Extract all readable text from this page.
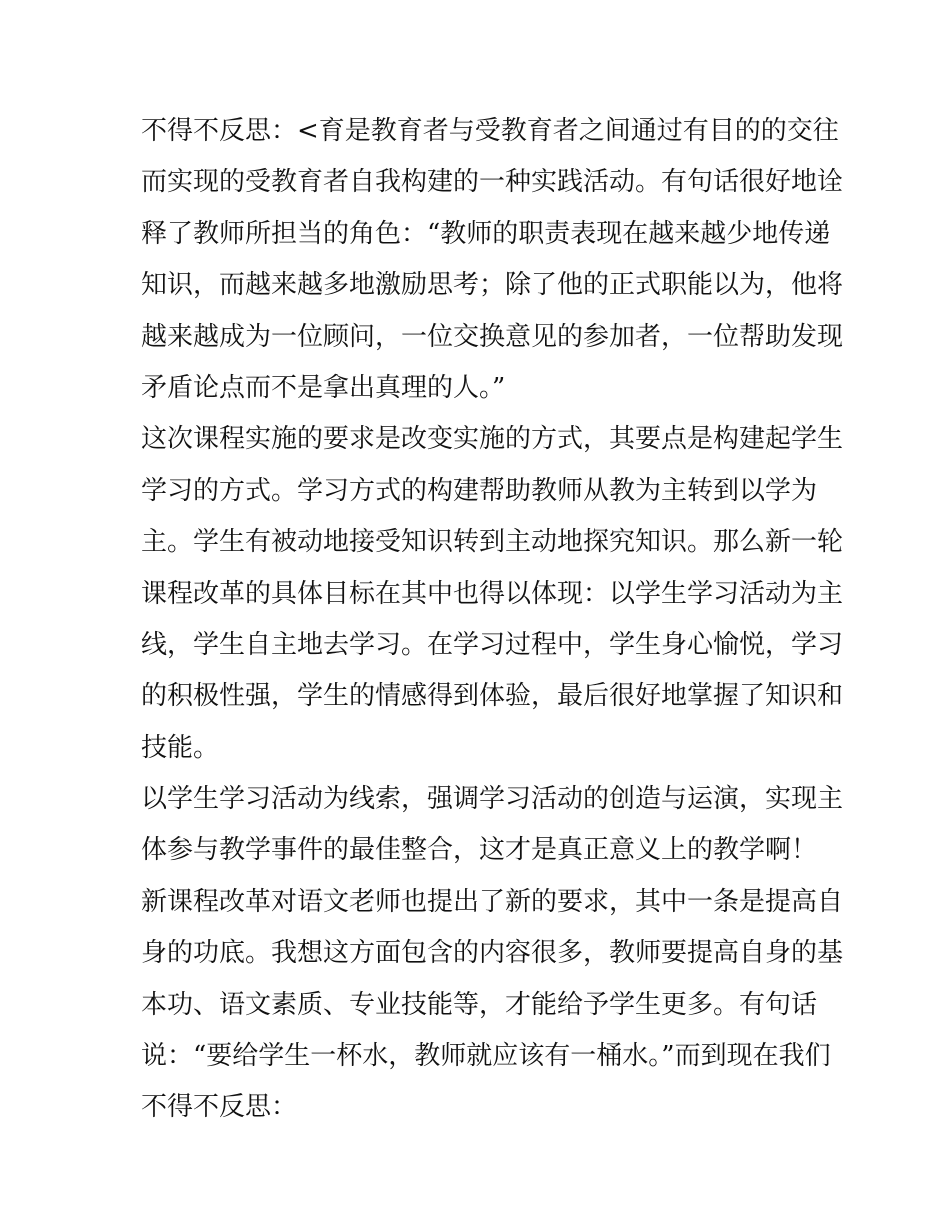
不得不反思：<育是教育者与受教育者之间通过有目的的交往
而实现的受教育者自我构建的一种实践活动。有句话很好地诠
释了教师所担当的角色：“教师的职责表现在越来越少地传递
知识，而越来越多地激励思考；除了他的正式职能以为，他将
越来越成为一位顾问，一位交换意见的参加者，一位帮助发现
矛盾论点而不是拿出真理的人。”
这次课程实施的要求是改变实施的方式，其要点是构建起学生
学习的方式。学习方式的构建帮助教师从教为主转到以学为
主。学生有被动地接受知识转到主动地探究知识。那么新一轮
课程改革的具体目标在其中也得以体现：以学生学习活动为主
线，学生自主地去学习。在学习过程中，学生身心愉悦，学习
的积极性强，学生的情感得到体验，最后很好地掌握了知识和
技能。
以学生学习活动为线索，强调学习活动的创造与运演，实现主
体参与教学事件的最佳整合，这才是真正意义上的教学啊！
新课程改革对语文老师也提出了新的要求，其中一条是提高自
身的功底。我想这方面包含的内容很多，教师要提高自身的基
本功、语文素质、专业技能等，才能给予学生更多。有句话
说：“要给学生一杯水，教师就应该有一桶水。”而到现在我们
不得不反思：
